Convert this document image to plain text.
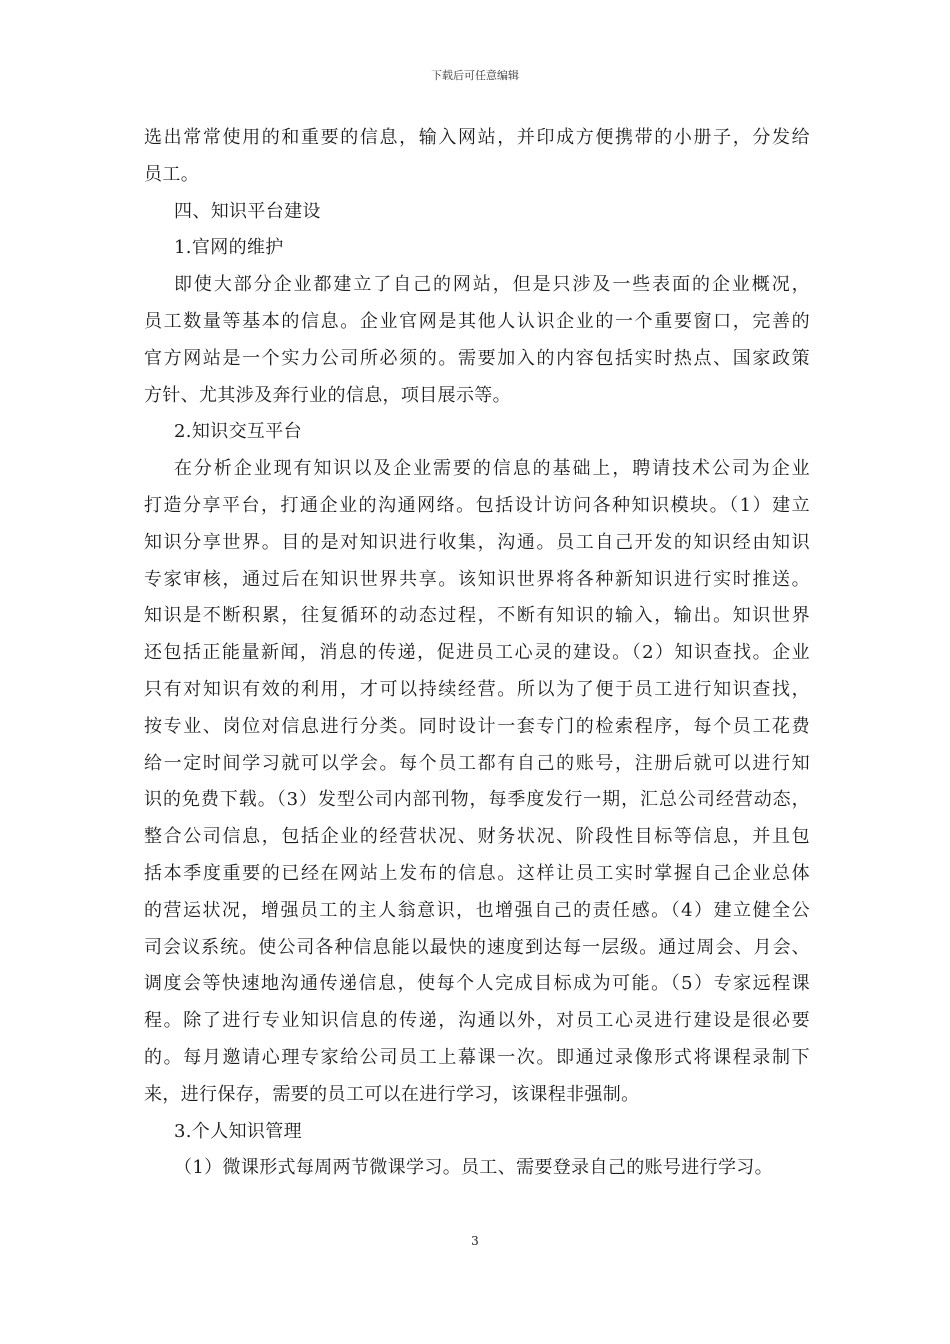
下载后可任意编辑
选出常常使用的和重要的信息，输入网站，并印成方便携带的小册子，分发给
员工。
四、知识平台建设
1.官网的维护
即使大部分企业都建立了自己的网站，但是只涉及一些表面的企业概况，
员工数量等基本的信息。企业官网是其他人认识企业的一个重要窗口，完善的
官方网站是一个实力公司所必须的。需要加入的内容包括实时热点、国家政策
方针、尤其涉及奔行业的信息，项目展示等。
2.知识交互平台
在分析企业现有知识以及企业需要的信息的基础上，聘请技术公司为企业
打造分享平台，打通企业的沟通网络。包括设计访问各种知识模块。（1）建立
知识分享世界。目的是对知识进行收集，沟通。员工自己开发的知识经由知识
专家审核，通过后在知识世界共享。该知识世界将各种新知识进行实时推送。
知识是不断积累，往复循环的动态过程，不断有知识的输入，输出。知识世界
还包括正能量新闻，消息的传递，促进员工心灵的建设。（2）知识查找。企业
只有对知识有效的利用，才可以持续经营。所以为了便于员工进行知识查找，
按专业、岗位对信息进行分类。同时设计一套专门的检索程序，每个员工花费
给一定时间学习就可以学会。每个员工都有自己的账号，注册后就可以进行知
识的免费下载。（3）发型公司内部刊物，每季度发行一期，汇总公司经营动态，
整合公司信息，包括企业的经营状况、财务状况、阶段性目标等信息，并且包
括本季度重要的已经在网站上发布的信息。这样让员工实时掌握自己企业总体
的营运状况，增强员工的主人翁意识，也增强自己的责任感。（4）建立健全公
司会议系统。使公司各种信息能以最快的速度到达每一层级。通过周会、月会、
调度会等快速地沟通传递信息，使每个人完成目标成为可能。（5）专家远程课
程。除了进行专业知识信息的传递，沟通以外，对员工心灵进行建设是很必要
的。每月邀请心理专家给公司员工上幕课一次。即通过录像形式将课程录制下
来，进行保存，需要的员工可以在进行学习，该课程非强制。
3.个人知识管理
（1）微课形式每周两节微课学习。员工、需要登录自己的账号进行学习。
3
